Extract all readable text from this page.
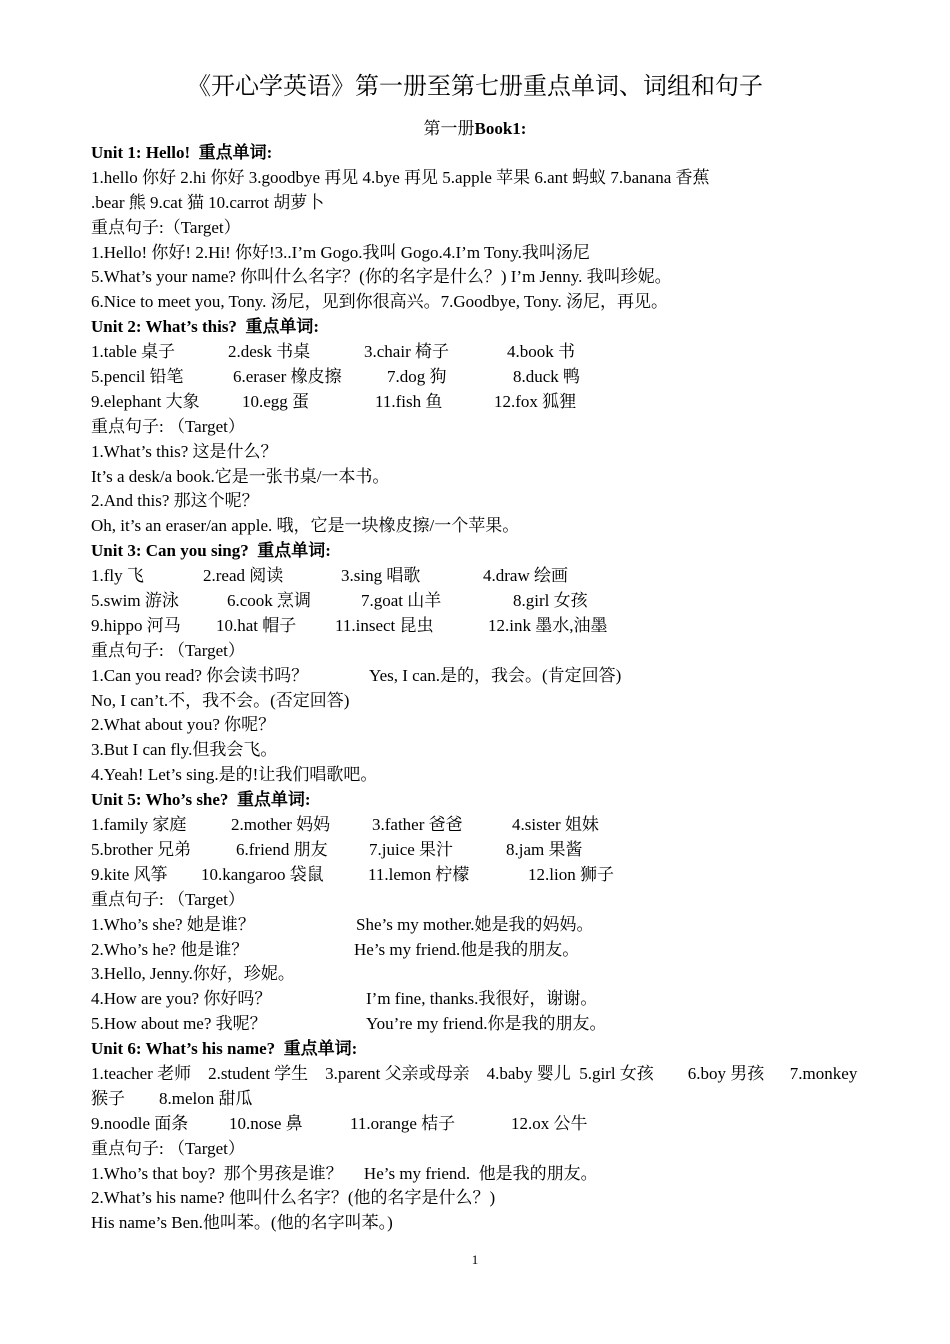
《开心学英语》第一册至第七册重点单词、词组和句子
第一册Book1:
Unit 1: Hello! 重点单词:
1.hello 你好 2.hi 你好 3.goodbye 再见 4.bye 再见 5.apple 苹果 6.ant 蚂蚁 7.banana 香蕉
.bear 熊 9.cat 猫 10.carrot 胡萝卜
重点句子:（Target）
1.Hello! 你好! 2.Hi! 你好!3..I’m Gogo.我叫 Gogo.4.I’m Tony.我叫汤尼
5.What’s your name? 你叫什么名字？(你的名字是什么？) I’m Jenny. 我叫珍妮。
6.Nice to meet you, Tony. 汤尼，见到你很高兴。7.Goodbye, Tony. 汤尼，再见。
Unit 2: What’s this? 重点单词:
1.table 桌子	2.desk 书桌	3.chair 椅子	4.book 书
5.pencil 铅笔	6.eraser 橡皮擦	7.dog 狗	8.duck 鸭
9.elephant 大象 10.egg 蛋	11.fish 鱼	12.fox 狐狸
重点句子: （Target）
1.What’s this? 这是什么？
It’s a desk/a book.它是一张书桌/一本书。
2.And this? 那这个呢？
Oh, it’s an eraser/an apple. 哦，它是一块橡皮擦/一个苹果。
Unit 3: Can you sing? 重点单词:
1.fly 飞	2.read 阅读	3.sing 唱歌	4.draw 绘画
5.swim 游泳	6.cook 烹调	7.goat 山羊	8.girl 女孩
9.hippo 河马 10.hat 帽子 11.insect 昆虫	12.ink 墨水,油墨
重点句子: （Target）
1.Can you read? 你会读书吗？	Yes, I can.是的，我会。(肯定回答)
No, I can’t.不，我不会。(否定回答)
2.What about you? 你呢？
3.But I can fly.但我会飞。
4.Yeah! Let’s sing.是的!让我们唱歌吧。
Unit 5: Who’s she? 重点单词:
1.family 家庭	2.mother 妈妈 3.father 爸爸	4.sister 姐妹
5.brother 兄弟	6.friend 朋友 7.juice 果汁	8.jam 果酱
9.kite 风筝 10.kangaroo 袋鼠	11.lemon 柠檬	12.lion 狮子
重点句子: （Target）
1.Who’s she? 她是谁？	She’s my mother.她是我的妈妈。
2.Who’s he? 他是谁？	He’s my friend.他是我的朋友。
3.Hello, Jenny.你好，珍妮。
4.How are you? 你好吗？	I’m fine, thanks.我很好，谢谢。
5.How about me? 我呢？	You’re my friend.你是我的朋友。
Unit 6: What’s his name? 重点单词:
1.teacher 老师    2.student 学生    3.parent 父亲或母亲    4.baby 婴儿  5.girl 女孩        6.boy 男孩      7.monkey 猴子        8.melon 甜瓜
9.noodle 面条 10.nose 鼻	11.orange 桔子	12.ox 公牛
重点句子: （Target）
1.Who’s that boy?  那个男孩是谁？     He’s my friend.  他是我的朋友。
2.What’s his name? 他叫什么名字？(他的名字是什么？)
His name’s Ben.他叫苯。(他的名字叫苯。)
1
